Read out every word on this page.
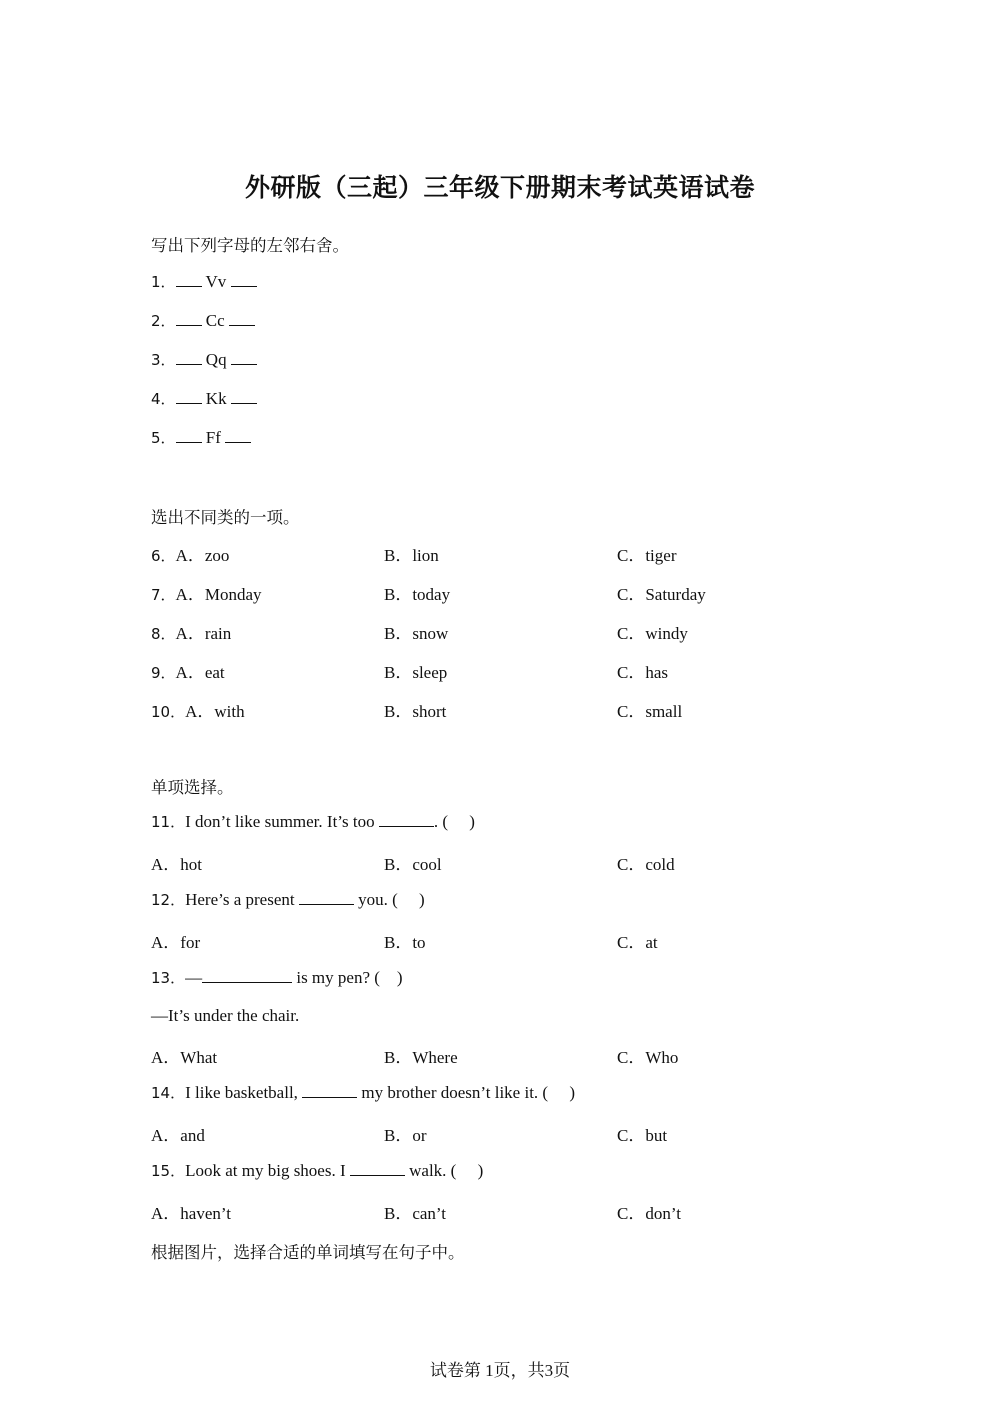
外研版（三起）三年级下册期末考试英语试卷
写出下列字母的左邻右舍。
1． Vv
2． Cc
3． Qq
4． Kk
5． Ff
选出不同类的一项。
6．A．zoo	B．lion	C．tiger
7．A．Monday	B．today	C．Saturday
8．A．rain	B．snow	C．windy
9．A．eat	B．sleep	C．has
10．A．with	B．short	C．small
单项选择。
11．I don’t like summer. It’s too	. (     )
A．hot	B．cool	C．cold
12．Here’s a present	you. (     )
A．for	B．to	C．at
13．—	is my pen? (    )
—It’s under the chair.
A．What	B．Where	C．Who
14．I like basketball,	my brother doesn’t like it. (     )
A．and	B．or	C．but
15．Look at my big shoes. I	walk. (     )
A．haven’t	B．can’t	C．don’t
根据图片，选择合适的单词填写在句子中。
试卷第 1页，共3页
